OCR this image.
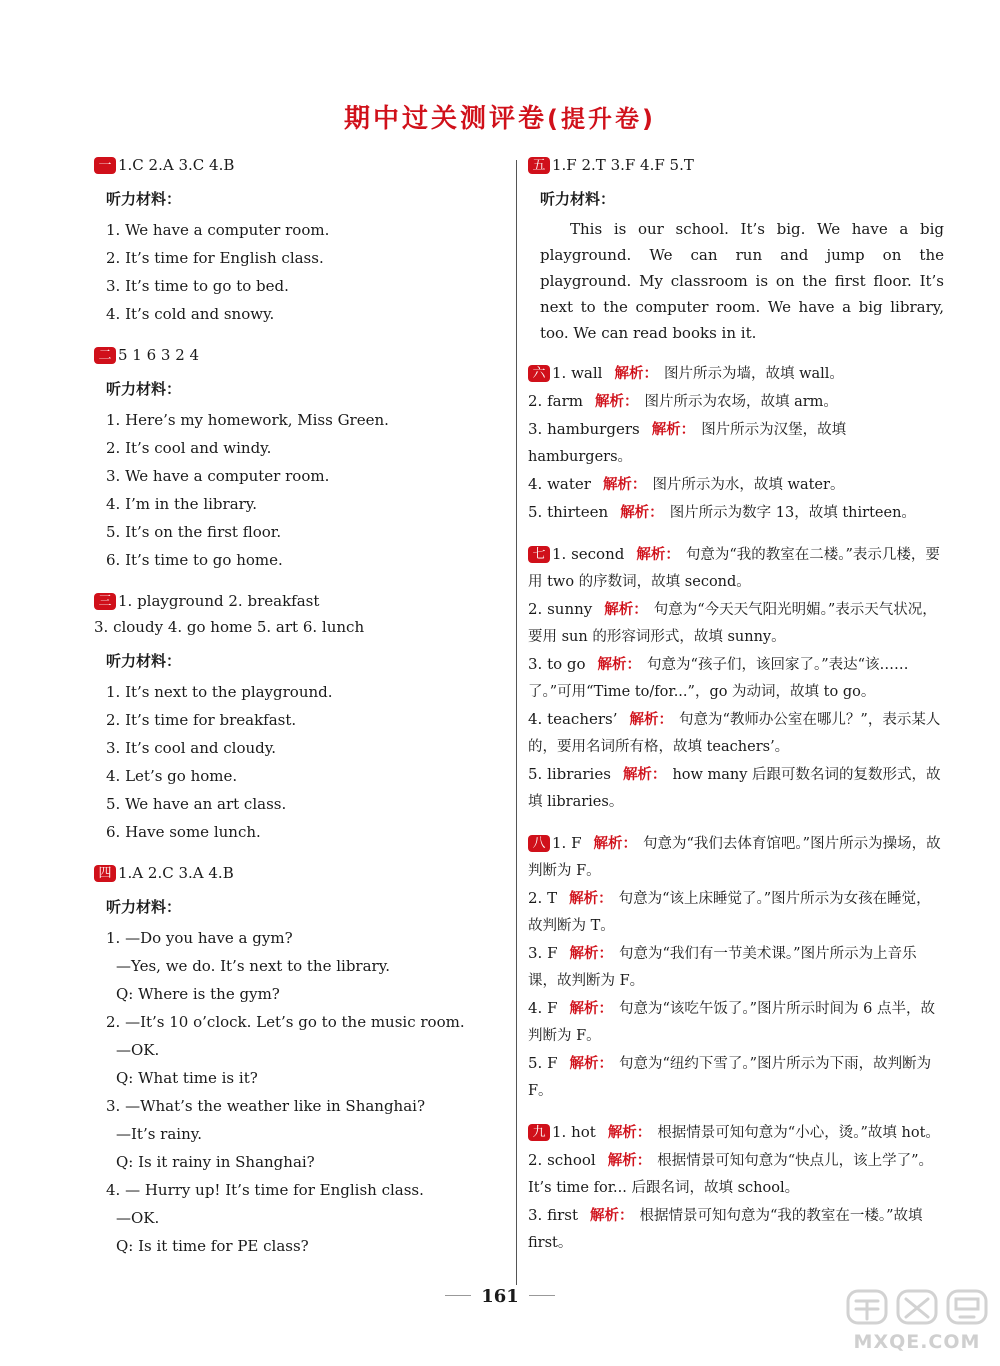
期中过关测评卷(提升卷)
一 1.C 2.A 3.C 4.B
听力材料：
1. We have a computer room.
2. It’s time for English class.
3. It’s time to go to bed.
4. It’s cold and snowy.
二 5 1 6 3 2 4
听力材料：
1. Here’s my homework, Miss Green.
2. It’s cool and windy.
3. We have a computer room.
4. I’m in the library.
5. It’s on the first floor.
6. It’s time to go home.
三 1. playground 2. breakfast
3. cloudy 4. go home 5. art 6. lunch
听力材料：
1. It’s next to the playground.
2. It’s time for breakfast.
3. It’s cool and cloudy.
4. Let’s go home.
5. We have an art class.
6. Have some lunch.
四 1.A 2.C 3.A 4.B
听力材料：
1. —Do you have a gym?
—Yes, we do. It’s next to the library.
Q: Where is the gym?
2. —It’s 10 o’clock. Let’s go to the music room.
—OK.
Q: What time is it?
3. —What’s the weather like in Shanghai?
—It’s rainy.
Q: Is it rainy in Shanghai?
4. — Hurry up! It’s time for English class.
—OK.
Q: Is it time for PE class?
五 1.F 2.T 3.F 4.F 5.T
听力材料：
This is our school. It’s big. We have a big playground. We can run and jump on the playground. My classroom is on the first floor. It’s next to the computer room. We have a big library, too. We can read books in it.
六 1. wall 解析： 图片所示为墙，故填 wall。
2. farm 解析： 图片所示为农场，故填 arm。
3. hamburgers 解析： 图片所示为汉堡，故填 hamburgers。
4. water 解析： 图片所示为水，故填 water。
5. thirteen 解析： 图片所示为数字 13，故填 thirteen。
七 1. second 解析： 句意为“我的教室在二楼。”表示几楼，要用 two 的序数词，故填 second。
2. sunny 解析： 句意为“今天天气阳光明媚。”表示天气状况，要用 sun 的形容词形式，故填 sunny。
3. to go 解析： 句意为“孩子们，该回家了。”表达“该……了。”可用“Time to/for...”，go 为动词，故填 to go。
4. teachers’ 解析： 句意为“教师办公室在哪儿？”，表示某人的，要用名词所有格，故填 teachers’。
5. libraries 解析： how many 后跟可数名词的复数形式，故填 libraries。
八 1. F 解析： 句意为“我们去体育馆吧。”图片所示为操场，故判断为 F。
2. T 解析： 句意为“该上床睡觉了。”图片所示为女孩在睡觉，故判断为 T。
3. F 解析： 句意为“我们有一节美术课。”图片所示为上音乐课，故判断为 F。
4. F 解析： 句意为“该吃午饭了。”图片所示时间为 6 点半，故判断为 F。
5. F 解析： 句意为“纽约下雪了。”图片所示为下雨，故判断为 F。
九 1. hot 解析： 根据情景可知句意为“小心，烫。”故填 hot。
2. school 解析： 根据情景可知句意为“快点儿，该上学了”。It’s time for... 后跟名词，故填 school。
3. first 解析： 根据情景可知句意为“我的教室在一楼。”故填 first。
161
MXQE.COM
